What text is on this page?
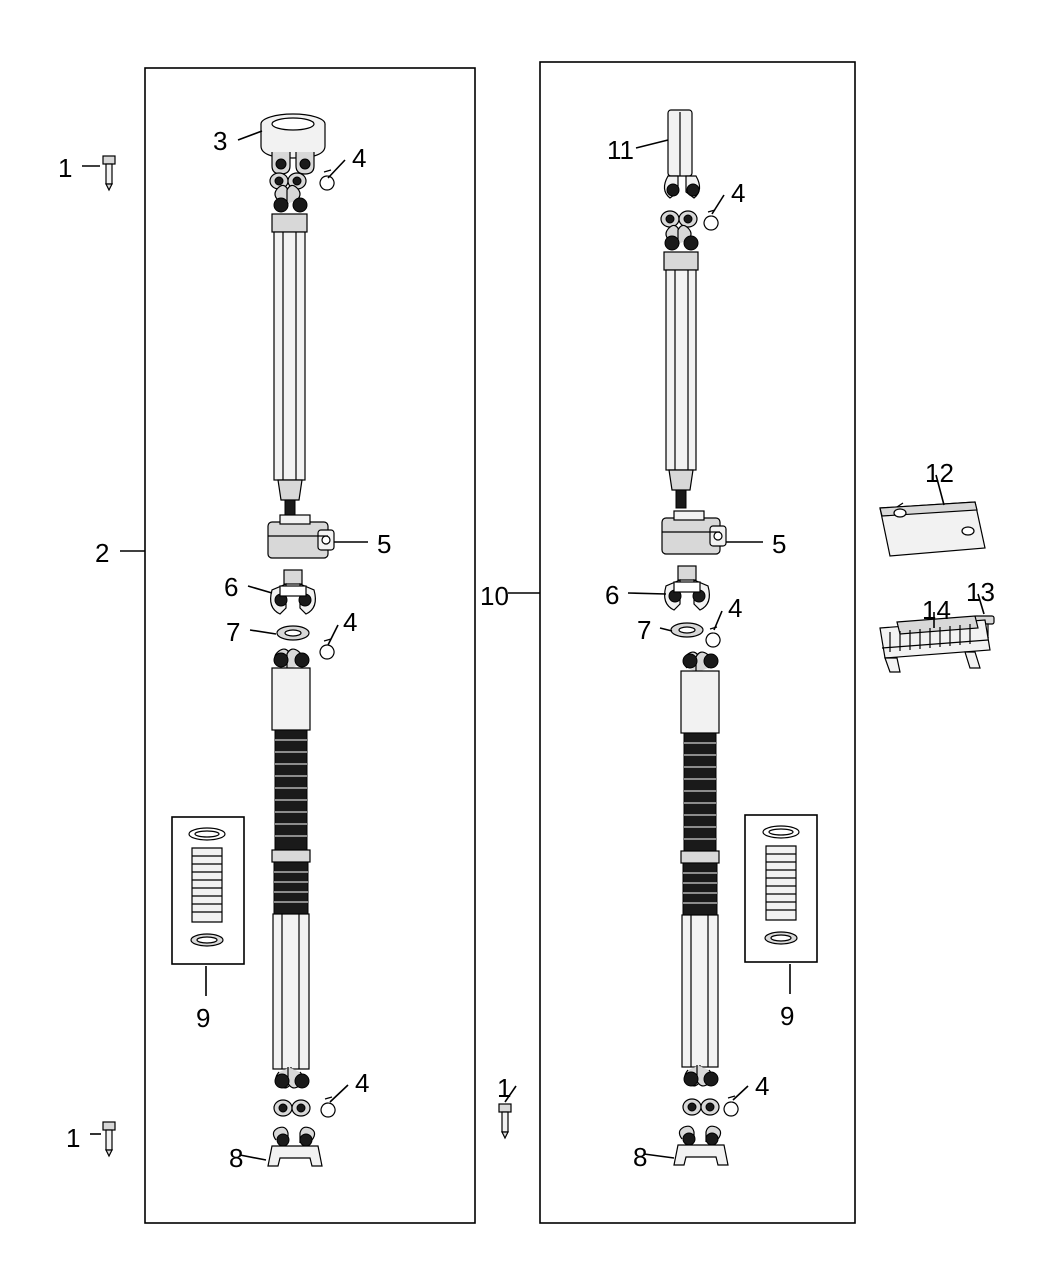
1
3
4
2	5
6
7	4
9
4
1
8
11
4
10
5
6
7
4
12
13
14
9
1	4
8
